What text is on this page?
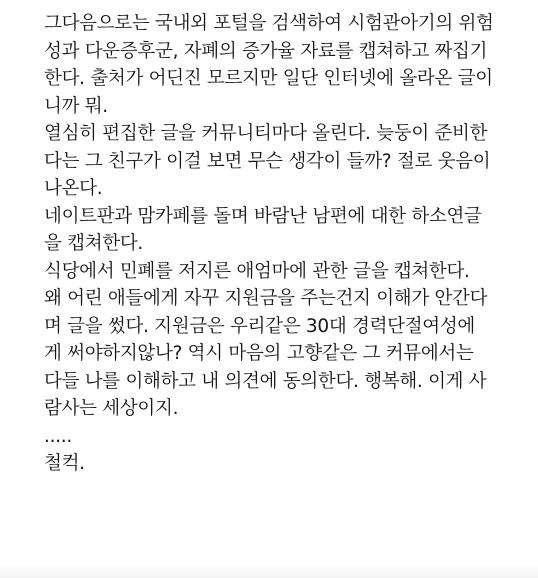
그다음으로는 국내외 포털을 검색하여 시험관아기의 위험
성과 다운증후군, 자폐의 증가율 자료를 캡쳐하고 짜집기
한다. 출처가 어딘진 모르지만 일단 인터넷에 올라온 글이
니까 뭐.
열심히 편집한 글을 커뮤니티마다 올린다. 늦둥이 준비한
다는 그 친구가 이걸 보면 무슨 생각이 들까? 절로 웃음이
나온다.
네이트판과 맘카페를 돌며 바람난 남편에 대한 하소연글
을 캡쳐한다.
식당에서 민폐를 저지른 애엄마에 관한 글을 캡쳐한다.
왜 어린 애들에게 자꾸 지원금을 주는건지 이해가 안간다
며 글을 썼다. 지원금은 우리같은 30대 경력단절여성에
게 써야하지않나? 역시 마음의 고향같은 그 커뮤에서는
다들 나를 이해하고 내 의견에 동의한다. 행복해. 이게 사
람사는 세상이지.
.....
철컥.
